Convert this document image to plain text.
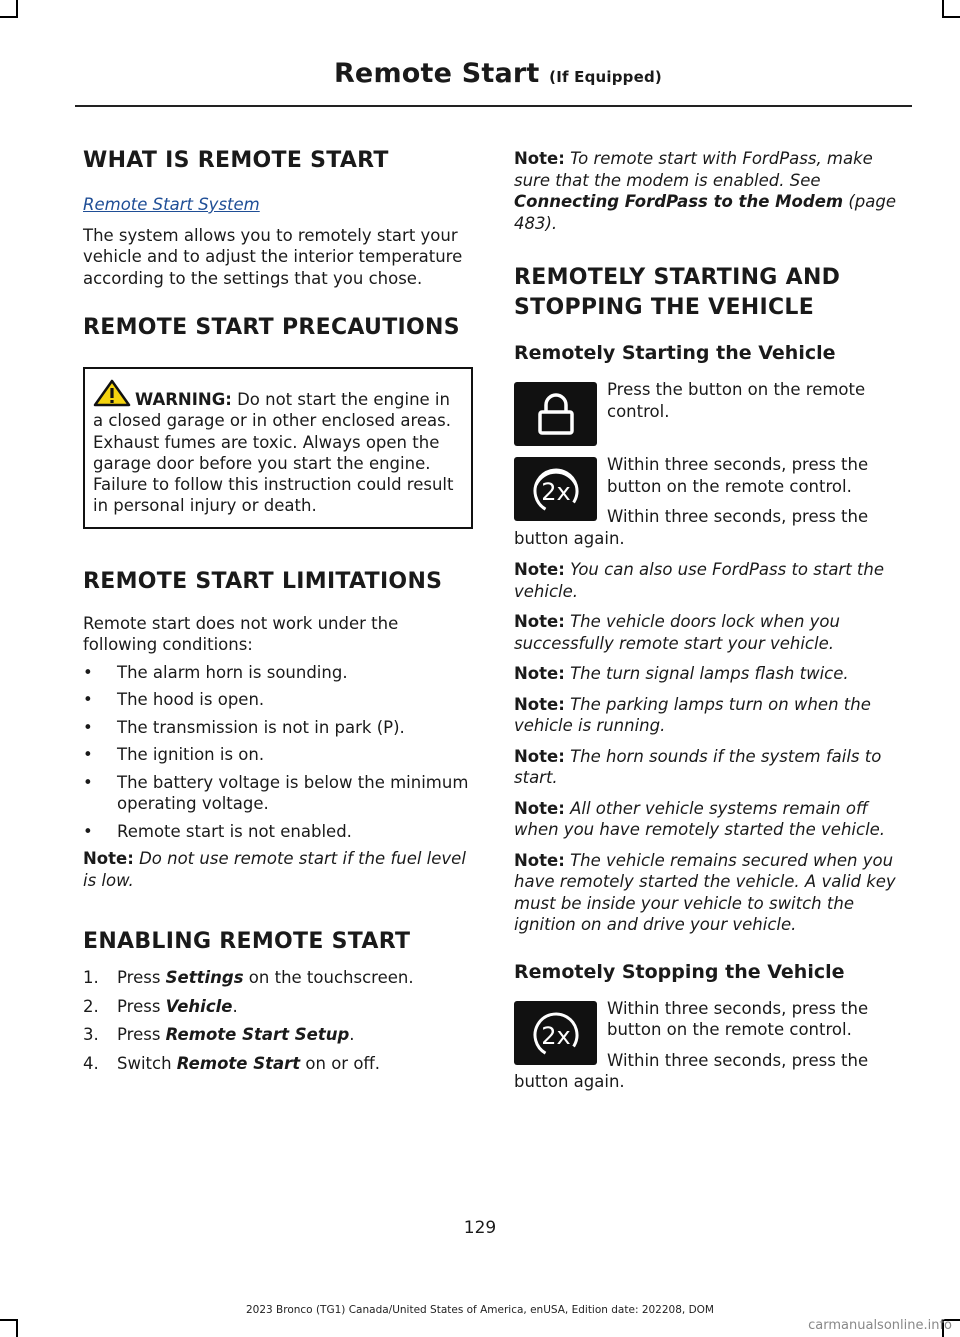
Remote Start (If Equipped)
WHAT IS REMOTE START

Remote Start System

The system allows you to remotely start your vehicle and to adjust the interior temperature according to the settings that you chose.

REMOTE START PRECAUTIONS

WARNING: Do not start the engine in a closed garage or in other enclosed areas. Exhaust fumes are toxic. Always open the garage door before you start the engine. Failure to follow this instruction could result in personal injury or death.

REMOTE START LIMITATIONS

Remote start does not work under the following conditions:

• The alarm horn is sounding.
• The hood is open.
• The transmission is not in park (P).
• The ignition is on.
• The battery voltage is below the minimum operating voltage.
• Remote start is not enabled.

Note: Do not use remote start if the fuel level is low.

ENABLING REMOTE START
1. Press Settings on the touchscreen.
2. Press Vehicle.
3. Press Remote Start Setup.
4. Switch Remote Start on or off.

Note: To remote start with FordPass, make sure that the modem is enabled. See Connecting FordPass to the Modem (page 483).

REMOTELY STARTING AND STOPPING THE VEHICLE
Remotely Starting the Vehicle

Press the button on the remote control.

2x

Within three seconds, press the button on the remote control.

Within three seconds, press the button again.

Note: You can also use FordPass to start the vehicle.

Note: The vehicle doors lock when you successfully remote start your vehicle.

Note: The turn signal lamps flash twice.

Note: The parking lamps turn on when the vehicle is running.

Note: The horn sounds if the system fails to start.

Note: All other vehicle systems remain off when you have remotely started the vehicle.

Note: The vehicle remains secured when you have remotely started the vehicle. A valid key must be inside your vehicle to switch the ignition on and drive your vehicle.

Remotely Stopping the Vehicle
2x

Within three seconds, press the button on the remote control.

Within three seconds, press the button again.

129
2023 Bronco (TG1) Canada/United States of America, enUSA, Edition date: 202208, DOM
carmanualsonline.info
